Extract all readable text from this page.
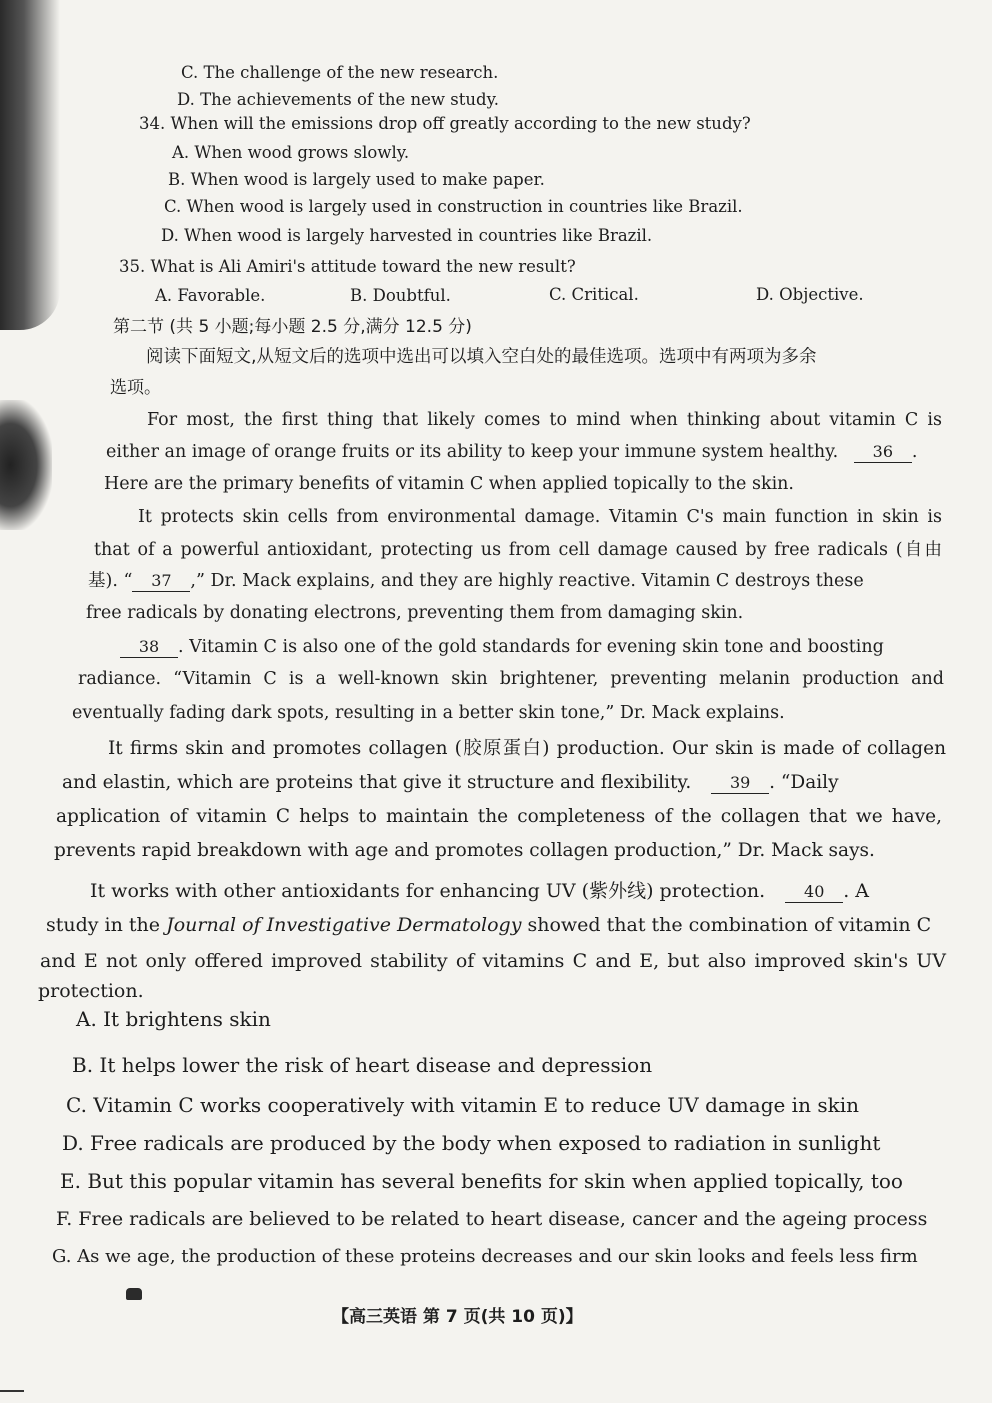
C. The challenge of the new research.
D. The achievements of the new study.
34. When will the emissions drop off greatly according to the new study?
A. When wood grows slowly.
B. When wood is largely used to make paper.
C. When wood is largely used in construction in countries like Brazil.
D. When wood is largely harvested in countries like Brazil.
35. What is Ali Amiri's attitude toward the new result?
A. Favorable.	B. Doubtful.	C. Critical.	D. Objective.
第二节 (共 5 小题;每小题 2.5 分,满分 12.5 分)
阅读下面短文,从短文后的选项中选出可以填入空白处的最佳选项。选项中有两项为多余
选项。
For most, the first thing that likely comes to mind when thinking about vitamin C is
either an image of orange fruits or its ability to keep your immune system healthy. 36 .
Here are the primary benefits of vitamin C when applied topically to the skin.
It protects skin cells from environmental damage. Vitamin C's main function in skin is
that of a powerful antioxidant, protecting us from cell damage caused by free radicals (自由
基). “ 37 ,” Dr. Mack explains, and they are highly reactive. Vitamin C destroys these
free radicals by donating electrons, preventing them from damaging skin.
38 . Vitamin C is also one of the gold standards for evening skin tone and boosting
radiance. “Vitamin C is a well-known skin brightener, preventing melanin production and
eventually fading dark spots, resulting in a better skin tone,” Dr. Mack explains.
It firms skin and promotes collagen (胶原蛋白) production. Our skin is made of collagen
and elastin, which are proteins that give it structure and flexibility. 39 . “Daily
application of vitamin C helps to maintain the completeness of the collagen that we have,
prevents rapid breakdown with age and promotes collagen production,” Dr. Mack says.
It works with other antioxidants for enhancing UV (紫外线) protection. 40 . A
study in the Journal of Investigative Dermatology showed that the combination of vitamin C
and E not only offered improved stability of vitamins C and E, but also improved skin's UV
protection.
A. It brightens skin
B. It helps lower the risk of heart disease and depression
C. Vitamin C works cooperatively with vitamin E to reduce UV damage in skin
D. Free radicals are produced by the body when exposed to radiation in sunlight
E. But this popular vitamin has several benefits for skin when applied topically, too
F. Free radicals are believed to be related to heart disease, cancer and the ageing process
G. As we age, the production of these proteins decreases and our skin looks and feels less firm
【高三英语 第 7 页(共 10 页)】
